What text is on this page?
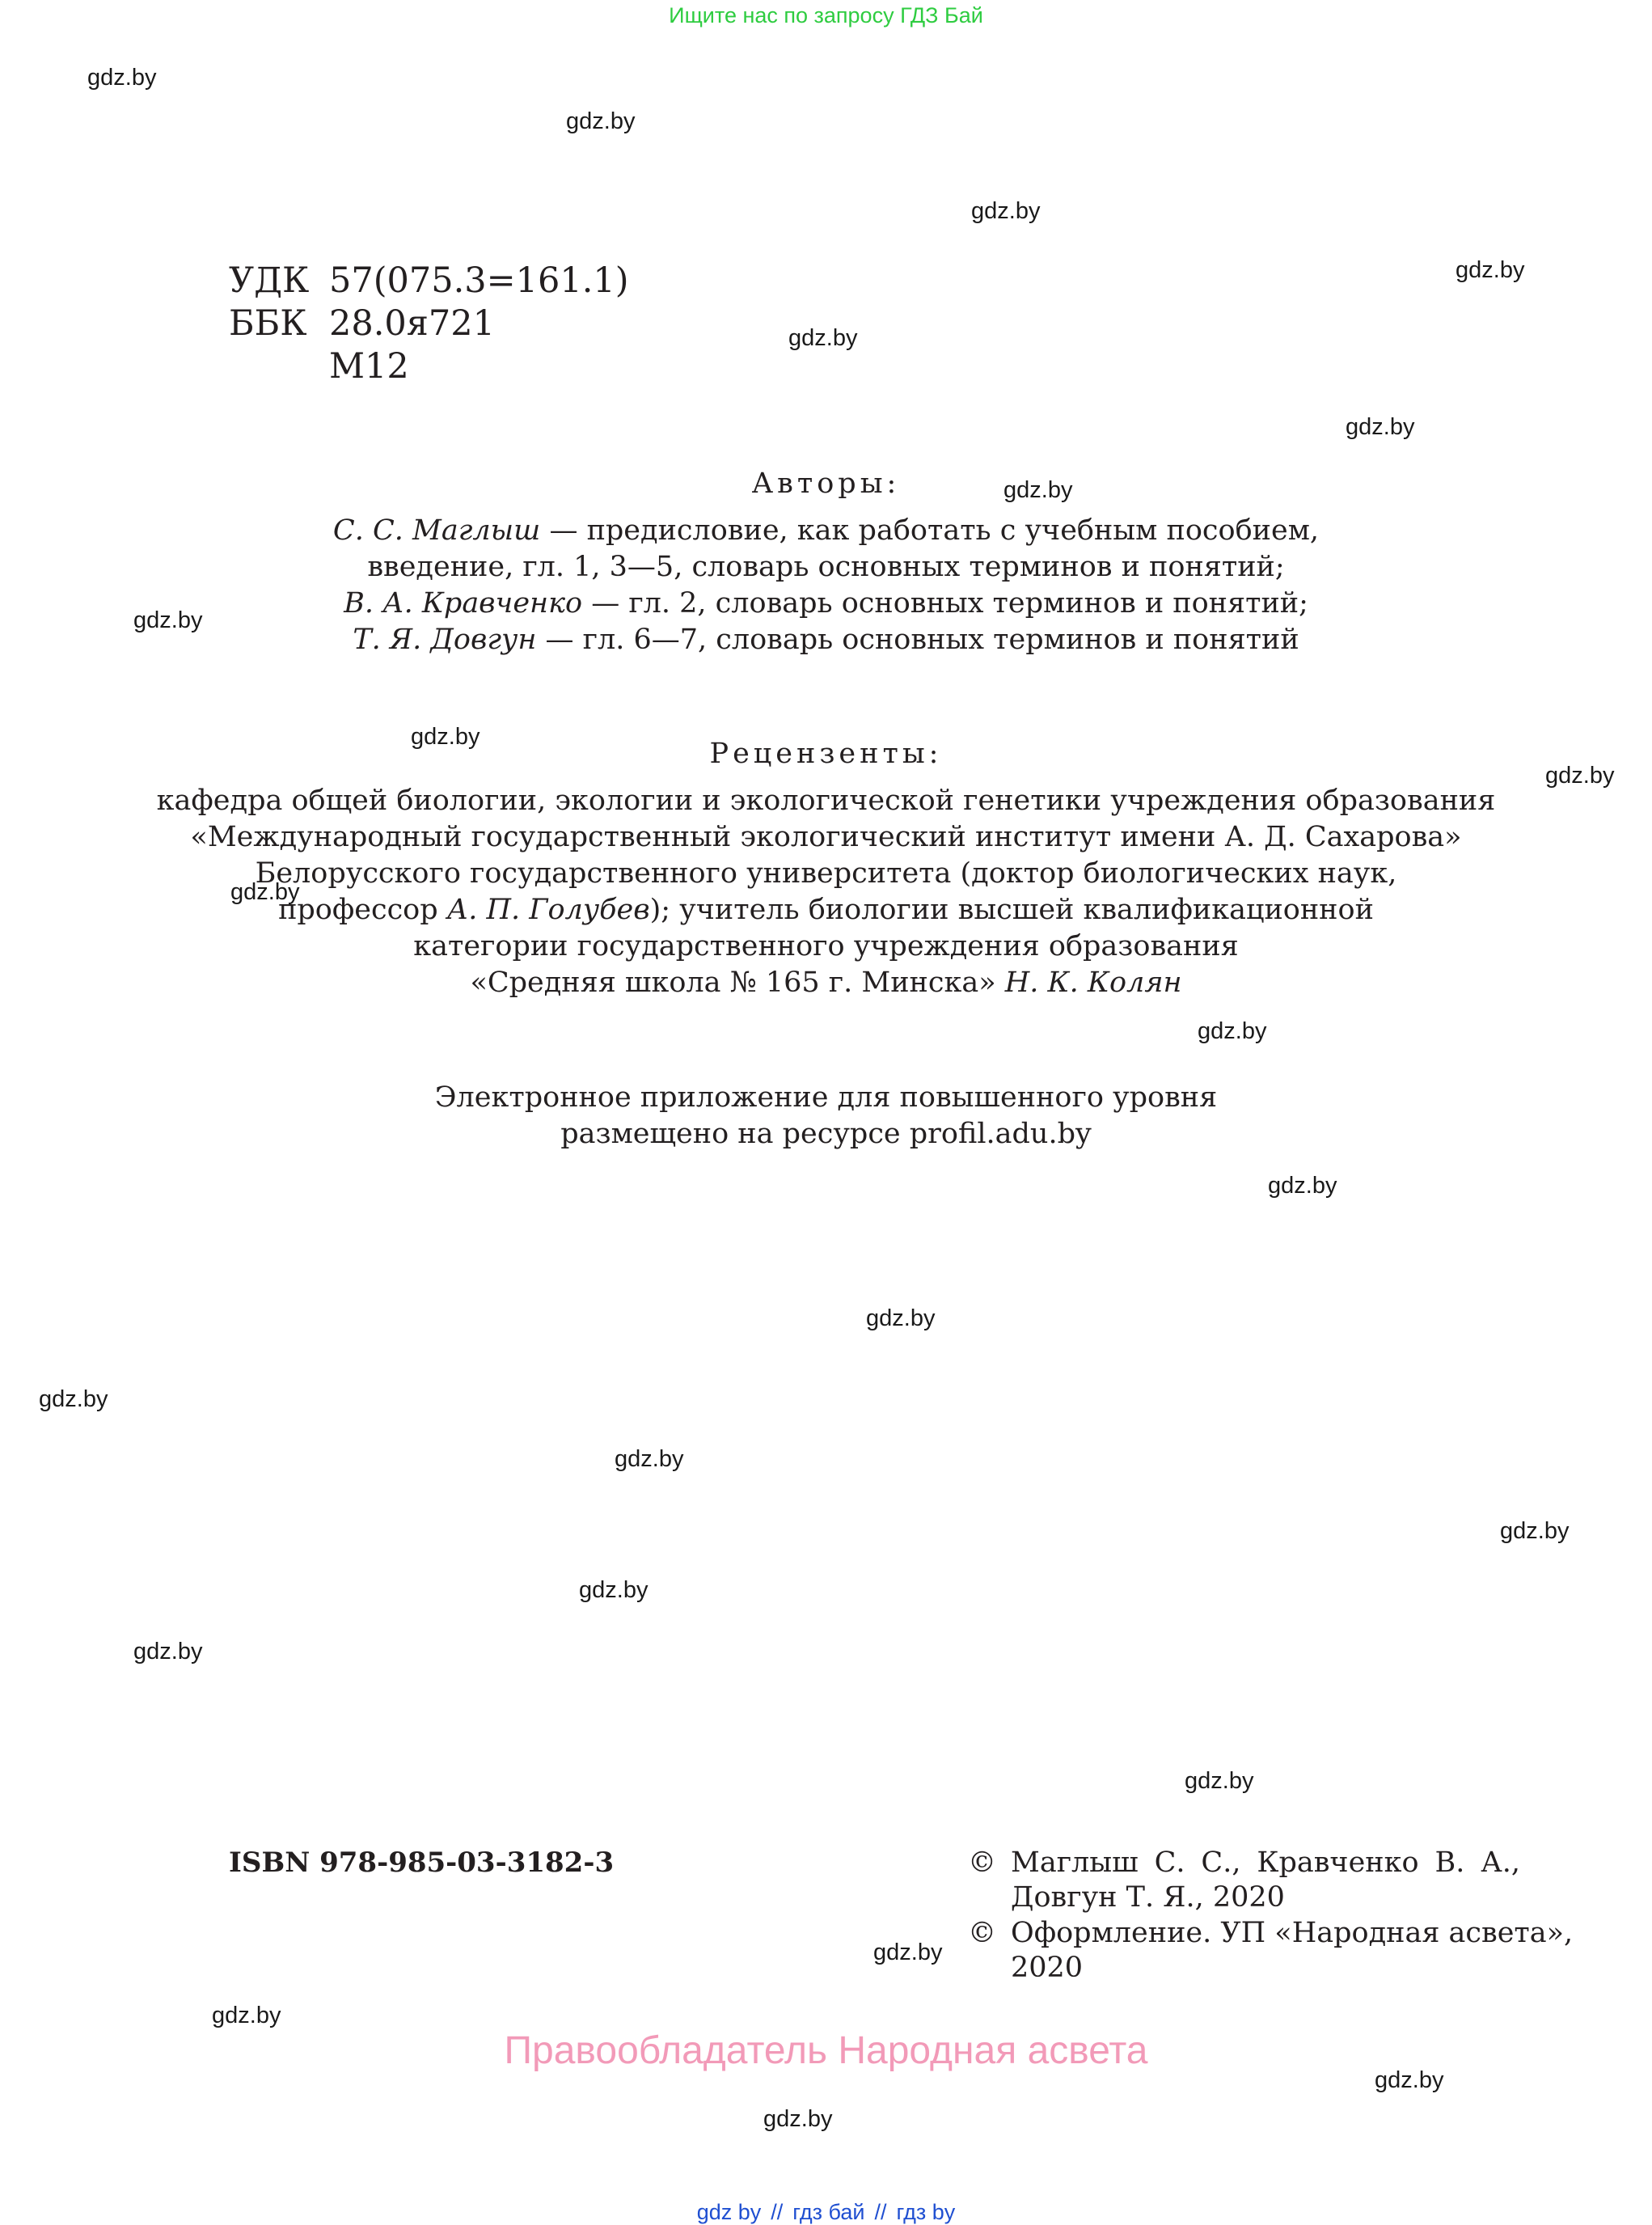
Ищите нас по запросу ГДЗ Бай
gdz.by
gdz.by
gdz.by
gdz.by
gdz.by
gdz.by
gdz.by
gdz.by
gdz.by
gdz.by
gdz.by
gdz.by
gdz.by
gdz.by
gdz.by
gdz.by
gdz.by
gdz.by
gdz.by
gdz.by
gdz.by
gdz.by
gdz.by
gdz.by
УДК 57(075.3=161.1)
ББК 28.0я721
М12
Авторы:
С. С. Маглыш — предисловие, как работать с учебным пособием,
введение, гл. 1, 3—5, словарь основных терминов и понятий;
В. А. Кравченко — гл. 2, словарь основных терминов и понятий;
Т. Я. Довгун — гл. 6—7, словарь основных терминов и понятий
Рецензенты:
кафедра общей биологии, экологии и экологической генетики учреждения образования
«Международный государственный экологический институт имени А. Д. Сахарова»
Белорусского государственного университета (доктор биологических наук,
профессор А. П. Голубев); учитель биологии высшей квалификационной
категории государственного учреждения образования
«Средняя школа № 165 г. Минска» Н. К. Колян
Электронное приложение для повышенного уровня
размещено на ресурсе profil.adu.by
ISBN 978-985-03-3182-3	© Маглыш С. С., Кравченко В. А.,
Довгун Т. Я., 2020
© Оформление. УП «Народная асвета»,
2020
Правообладатель Народная асвета
gdz by // гдз бай // гдз by
